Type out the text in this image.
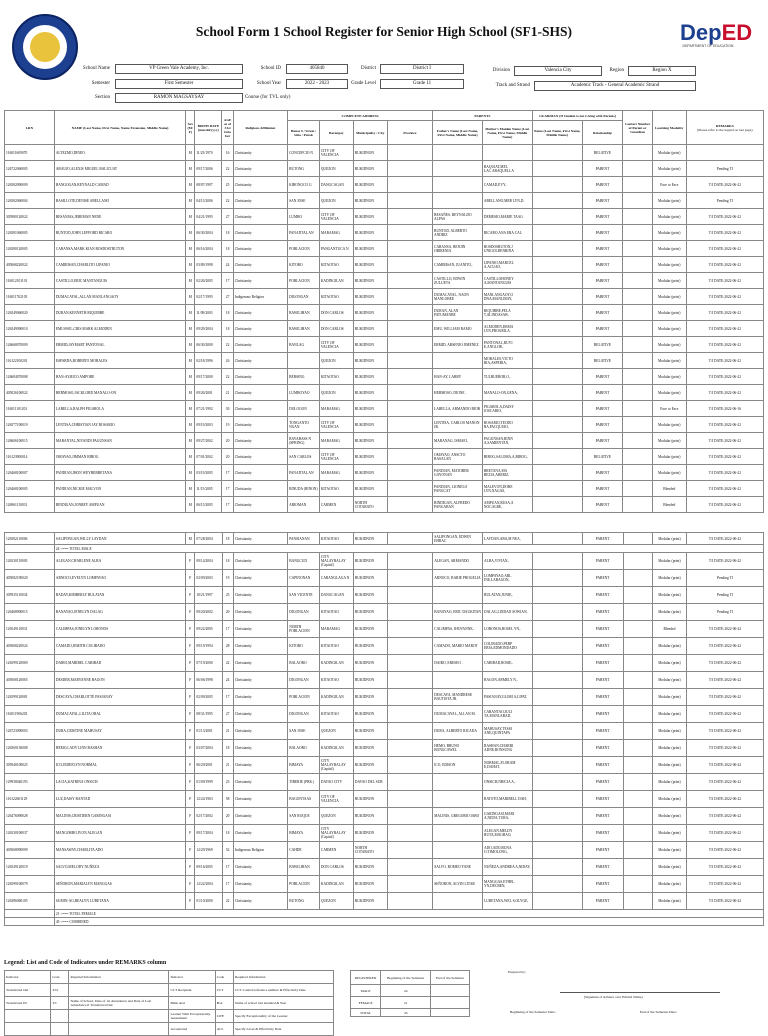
School Form 1 School Register for Senior High School (SF1-SHS)	DepED
DEPARTMENT OF EDUCATION
School Name	VP Green Vale Academy, Inc.	School ID	405840	District	District I	Division	Valencia City	Region	Region X
Semester	First Semester	School Year	2022 - 2023	Grade Level	Grade 11	Track and Strand	Academic Track - General Academic Strand
Section	RAMON MAGSAYSAY	Course (for TVL only)
LRN	NAME (Last Name, First Name, Name Extension, Middle Name)	Sex (M/F)	BIRTH DATE (mm/dd/yyyy)	AGE as of 31st October	Religious Affiliation	COMPLETE ADDRESS				PARENTS		GUARDIAN (If Student is not Living with Parents)		Contact Number of Parent or Guardian	Learning Modality	REMARKS
(Please refer to the legend on last page)

						House # / Street / Sitio / Purok	Barangay	Municipality / City	Province	Father's Name (Last Name, First Name, Middle Name)	Mother's Maiden Name (Last Name, First Name, Middle Name)	Name (Last Name, First Name, Middle Name)	Relationship			
116011609070	ALTEZMO,DINEO.	M	11/23/1970	16	Christianity	CONCEPCIO N	CITY OF VALENCIA	BUKIDNON					RELATIVE		Modular (print)	
126722060005	ARAUJO,ALEXIS MIGUEL BALICUAT	M	09/17/2006	22	Christianity	BUTONG	QUEZON	BUKIDNON			BAQUIAT,MEL LAC.ABAQUELLA		PARENT		Modular (print)	Pending TI
126582090009	BANGOGAN,REYNALD CAMAD	M	08/07/1997	25	Christianity	KIBONGCO G	DANGCAGAN	BUKIDNON			CAMAD,EVY,.		PARENT		Face to Face	T/I DATE:2022-06-22
126582060004	BASILLOTE,DENISE ABELLANO	M	04/13/2006	22	Christianity	SAN JOSE	QUEZON	BUKIDNON			ABELLANO,MER LYN,D.		PARENT		Modular (print)	Pending TI
305980120022	BESANIAS,JEREMAN NENE	M	04/21/1995	27	Christianity	LUMBO	CITY OF VALENCIA	BUKIDNON		BESAÑES, REYNALDO ALPAS	DEMESIO,MARIE TAAG		PARENT		Modular (print)	T/I DATE:2022-06-22
126581060005	BUNTOD,JOHN LEFFORD RICARO	M	06/30/2004	18	Christianity	PANADTAL AN	MARAMAG	BUKIDNON		BUNTOD, ALBERTO ANDRIZ	RICARO,ANA ERA CAL		PARENT		Modular (print)	T/I DATE:2022-06-22
126580120005	CABANSA,MARK KIAN BOSDOSTRUTON	M	06/16/2004	18	Christianity	POBLACION	PANGANTUCA N	BUKIDNON		CABANSA, BENJIN OBIRENIA	BOSDOSRUTON,J UNIGOLDENRINA		PARENT		Modular (print)	T/I DATE:2022-06-22
405068220022	CAMIRISAN,CHARLITO LIPANIO	M	03/09/1998	24	Christianity	KITORO	KITAOTAO	BUKIDNON		CAMIRISAN, JUANITO,.	LIPANIO,MARCEL A,ACUAO,		PARENT		Modular (print)	T/I DATE:2022-06-22
116012101101	CASTILLO,ERIC MANTANGUIS	M	02/26/2005	17	Christianity	POBLACION	KADINGILAN	BUKIDNON		CASTILLO, EDWIN ZULUETA	CASTILLOHONEY A,MANTANGUIS		PARENT		Modular (print)	T/I DATE:2022-06-22
116011702103	DUMACAYAL,ALLAN MANLANGAOY	M	02/17/1995	27	Indigenous Religion	DIGONGAN	KITAOTAO	BUKIDNON		DUMACAYAL, NAON MANLOBEE	MANLANGAOY,O DNA,MANLIBAY,		PARENT		Modular (print)	T/I DATE:2022-06-22
126549060020	DURAN,KENNETH RIQUIBBE	M	11/09/2003	18	Christianity	BAWILIHAN	DON CARLOS	BUKIDNON		DURAN, ALAN PATUMANBE	RIQUIBBE,PELA T,ALINDASAW,		PARENT		Modular (print)	T/I DATE:2022-06-22
126549090010	EMUSWIL,CRIS MARK ALMODEN	M	09/29/2004	18	Christianity	BAWILIHAN	DON CARLOS	BUKIDNON		EMU, WILLIAM RAMO	ALMODEN,DEMA LYN,PROGRILA,		PARENT		Modular (print)	T/I DATE:2022-06-22
126668070009	ERMID,JAYMART PANTONAL	M	06/30/2000	22	Christianity	BANLAG	CITY OF VALENCIA	BUKIDNON		ERMID, ARSENIO JIMENEZ	PANTONAL,RUVI E,ANGLOR,		RELATIVE		Modular (print)	T/I DATE:2022-06-22
116122100201	ESPARDA,ROBERTO MORALES	M	02/18/1996	26	Christianity		QUEZON	BUKIDNON			MORALES,VICTO RIA,ASPERIA,		RELATIVE		Modular (print)	T/I DATE:2022-06-22
126684070008	HAN-AY,RICO AMPORE	M	09/17/2000	22	Christianity	BERSING	KITAOTAO	BUKIDNON		HAN-AY, LARRY	TULBUEBOR,O,.		PARENT		Modular (print)	T/I DATE:2022-06-22
405026100022	HERMOSO,JACKLORD MANALO-ON	M	09/26/2001	21	Christianity	LUMBOYAO	QUEZON	BUKIDNON		HERMOSO, DIONE .	MANALO-ON,GENA,		PARENT		Modular (print)	T/I DATE:2022-06-22
116011101201	LABELLA,RALPH PIGAROLA	M	07/21/1992	30	Christianity	DOLOGON	MARAMAG	BUKIDNON		LABELLA, ARMANDO BIOR	PIGAROLA,DAISY JOSCARIO,		PARENT		Face to Face	T/I DATE:2022-06-16
126577100019	LENTISA,CHRISTIAN JAY ROSARIO	M	09/19/2003	19	Christianity	TONGANTO NGAN	CITY OF VALENCIA	BUKIDNON		LENTISA, CARLOS MANON JR.	ROSARIO,TEODO RA,PACQUIAO,		PARENT		Modular (print)	T/I DATE:2022-06-22
126606100015	MARANTAL,NIVANDI PAGUNSAN	M	09/27/2002	20	Christianity	BAYABASS N (SPRING)	MARAMAG	BUKIDNON		MARANAG, ISMAEL	PAGUNSAN,RINN A,SAMIENTAN,		PARENT		Modular (print)	T/I DATE:2022-06-22
116123900014	OMAYAO,JIMMAN BIBOG	M	07/01/2002	20	Christianity	SAN CARLOS	CITY OF VALENCIA	BUKIDNON		OMAYAO, ANSCTO BASALAN	BIBOG,SALOMA,A,BIBOG,		RELATIVE		Modular (print)	T/I DATE:2022-06-22
126468100007	PANDIAN,JHON WEYBEBRETANA	M	03/19/2005	17	Christianity	PANADTAL AN	MARAMAG	BUKIDNON		PANDIAN, MATOBER GAYONAN	BRETANA,MA REZIA,ARERIZ,		PARENT		Modular (print)	T/I DATE:2022-06-22
126468100005	PANDIAN,NICKIE MALVON	M	11/15/2005	17	Christianity	BINUDA (BINON)	KITAOTAO	BUKIDNON		PANDIAN, LIONELO PANGCAT	MALEVON,DORE LYN,NAGAS,		PARENT		Blended	T/I DATE:2022-06-22
126961110031	BINDIGAN,JONREY AMPUAN	M	06/15/2005	17	Christianity	ARIOMAN	CARMEN	NORTH COTABATO		BINDIGAN, ALFREDO PANGABAN	AMPUAN,RUSA,A NOC,SLBE,		PARENT		Blended	T/I DATE:2022-06-22
126582110006	SALIPONGAN,WILLY LAYDAN	M	07/28/2004	18	Christianity	PANSIANAN	KITAOTAO	BUKIDNON		SALIPONGAN, EDWIN EHRAC	LAYDAN,ABA,M NEA,		PARENT		Modular (print)	T/I DATE:2022-06-22
	24 <=== TOTAL MALE															
126530110003	ALEGAN,CHARLENE ALBA	F	09/14/2004	18	Christianity	BANGCUD	CITY MALAYBALAY (Capital)	BUKIDNON		ALEGAN, ARMANDO	ALBA,VIVIAN,.		PARENT		Modular (print)	T/I DATE:2022-06-22
405082190020	ARNOCO,EVELYN LOMPAYAO	F	03/09/2003	19	Christianity	CAPINONAN	CARANGLAGA N	BUKIDNON		ARNOCO, BARIE PROGELIA	LOMPAYAO,ARL INE,LABAGON,		PARENT		Modular (print)	Pending TI
305935110034	BADAY,KIMBERLY BULATAN	F	10/21/1997	25	Christianity	SAN VICENTE	DANGCAGAN	BUKIDNON			BULATAN,JUNIE,.		PARENT		Modular (print)	Pending TI
126468900015	BANAYAO,JENELYN DALAG	F	09/20/2002	20	Christianity	DIGONGAN	KITAOTAO	BUKIDNON		BANAYAO, ERIC DAUKITAN	DALAG,LINDAJI SOWIAN,		PARENT		Modular (print)	Pending TI
126549110031	CALIMPAS,JONELYN LORONOS	F	09/22/2005	17	Christianity	NORTH POBLACION	MARAMAG	BUKIDNON		CALIMPAS, JHOVANNE,.	LORONOS,ROSEL YN,.		PARENT		Blended	T/I DATE:2022-06-22
405068220024	CAMADO,JEMITH COLIBADO	F	09/19/1994	28	Christianity	KITORO	KITAOTAO	BUKIDNON		CAMADO, MARIO MAROT	COLIBADO,PERP ERIA,EDMONDADO		PARENT		Modular (print)	T/I DATE:2022-06-22
126599120069	DAIRO,MARIBEL CABIBAD	F	07/19/2000	22	Christianity	BALAORO	KADINGILAN	BUKIDNON		DAIRO, ERESEO .	CABIBAD,ROSIE,.		PARENT		Modular (print)	T/I DATE:2022-06-22
405068120065	DESDER,MARYANNE BAGON	F	06/06/1998	24	Christianity	DIGONGAN	KITAOTAO	BUKIDNON			BAGON,ARMELY N,.		PARENT		Modular (print)	T/I DATE:2022-06-22
126599120081	DESCAYA,CHARLOTTE PASIANAY	F	02/09/2005	17	Christianity	POBLACION	KADINGILAN	BUKIDNON		DESCAYA, MANDRESE BAUTISTA JR.	PASIANAY,GLORI A,LIPAT,		PARENT		Modular (print)	T/I DATE:2022-06-22
116011906203	DUMACAYAL,LILITA ORAL	F	08/31/1995	27	Christianity	DIGONGAN	KITAOTAO	BUKIDNON		DUMACAYAL, ALLAN M.	CABANTAO,JULI TA,MANLABAD,		PARENT		Modular (print)	T/I DATE:2022-06-22
126723090003	DURA,CRISTINE MAHUSAY	F	01/13/2001	21	Christianity	SAN JOSE	QUEZON	BUKIDNON		DURA, ALBERTO RICADA	MAHUSAY,TESSI ANE,QUINTAPA		PARENT		Modular (print)	T/I DATE:2022-06-22
126569130008	HEMO,LADY LINN BASHAN	F	03/07/2004	18	Christianity	BALAORO	KADINGILAN	BUKIDNON		HEMO, BRUNO BONGCAWEL	BASHAN,CHARRI ADNE,BONSUNG		PARENT		Modular (print)	T/I DATE:2022-06-22
305940100025	ICO,JEDEELYN NORMAL	F	06/29/2001	21	Christianity	BIMAYA	CITY MALAYBALAY (Capital)	BUKIDNON		ICO, EDISON	NORMAL,FLORAM E,DAHAT,		PARENT		Modular (print)	T/I DATE:2022-06-22
129938040193	LACIA,KATRINA ONSICH	F	01/09/1999	23	Christianity	TIBERIE (PRK.)	DAVAO CITY	DAVAO DEL SUR			ONSICH,NRICIA A,.		PARENT		Modular (print)	T/I DATE:2022-06-22
116122601129	LUZ,DAISY BANTAD	F	12/24/1963	58	Christianity	BAGONTAAS	CITY OF VALENCIA	BUKIDNON			BATOTO,MARIBELL DAH,		PARENT		Modular (print)	T/I DATE:2022-06-22
126476090028	MALINIS,CRISTIERN GARINGASI	F	02/17/2002	20	Christianity	SAN ROQUE	QUEZON	BUKIDNON		MALINIS, GREGORIO IABO	GARINGASI,MARI A,NEDA,TURA,		PARENT		Modular (print)	T/I DATE:2022-06-22
126530100037	MANGORBO,IVON ALEGAN	F	09/17/2004	18	Christianity	BIMAYA	CITY MALAYBALAY (Capital)	BUKIDNON			ALEGAN,MELDY RUTA,MAGBAO,		PARENT		Modular (print)	T/I DATE:2022-06-22
405068090009	MANSAWAY,CHARLITA ADO	F	12/29/1969	52	Indigenous Religion	CAHDE	CARMEN	NORTH COTABATO			ADO,ADO,BUNA O,TIMOLONG,		PARENT		Modular (print)	T/I DATE:2022-06-22
126549120019	SALVO,MELODY NUÑEZA	F	09/16/2005	17	Christianity	BAWILIHAN	DON CARLOS	BUKIDNON		SALVO, ROMEO YANE	NUÑEZA,ANDREA A,NIDAY,		PARENT		Modular (print)	T/I DATE:2022-06-22
126599100079	SEÑORON,MARIALYN MANGGAS	F	12/22/2004	17	Christianity	POBLACION	KADINGILAN	BUKIDNON		SEÑORON, ALVIN LITAR	MANGGAS,ETHEL YN,DECBEN,		PARENT		Modular (print)	T/I DATE:2022-06-22
126386060105	SUMIN-AG,REALYN LUBETANA	F	01/10/2000	22	Christianity	BUTONG	QUEZON	BUKIDNON			LUBETANA,WEL S,OLYGE,		PARENT		Modular (print)	T/I DATE:2022-06-22
	21 <=== TOTAL FEMALE															
	45 <=== COMBINED															
Legend: List and Code of Indicators under REMARKS column
Indicator	Code	Required Information	Indicator	Code	Required Information
Transferred Out	T/O		CCT Recipient	CCT	CCT Control/reference number & Effectivity Date
Transferred IN	T/I	Name of School, Date of 1st Attendance and Date of Last Attendance if Transferred Out	Balik Aral	B/A	Name of school last attended & Year
			Learner With Exceptionality Assessment	LWE	Specify Exceptionality of the Learner
			Accelerated	ACL	Specify Level & Effectivity Data
REGISTERED	Beginning of the Semester	End of the Semester
MALE	24	
FEMALE	21	
TOTAL	45	
Prepared by:
(Signature of Adviser over Printed Name)
Beginning of the Semester Date:	End of the Semester Date:
